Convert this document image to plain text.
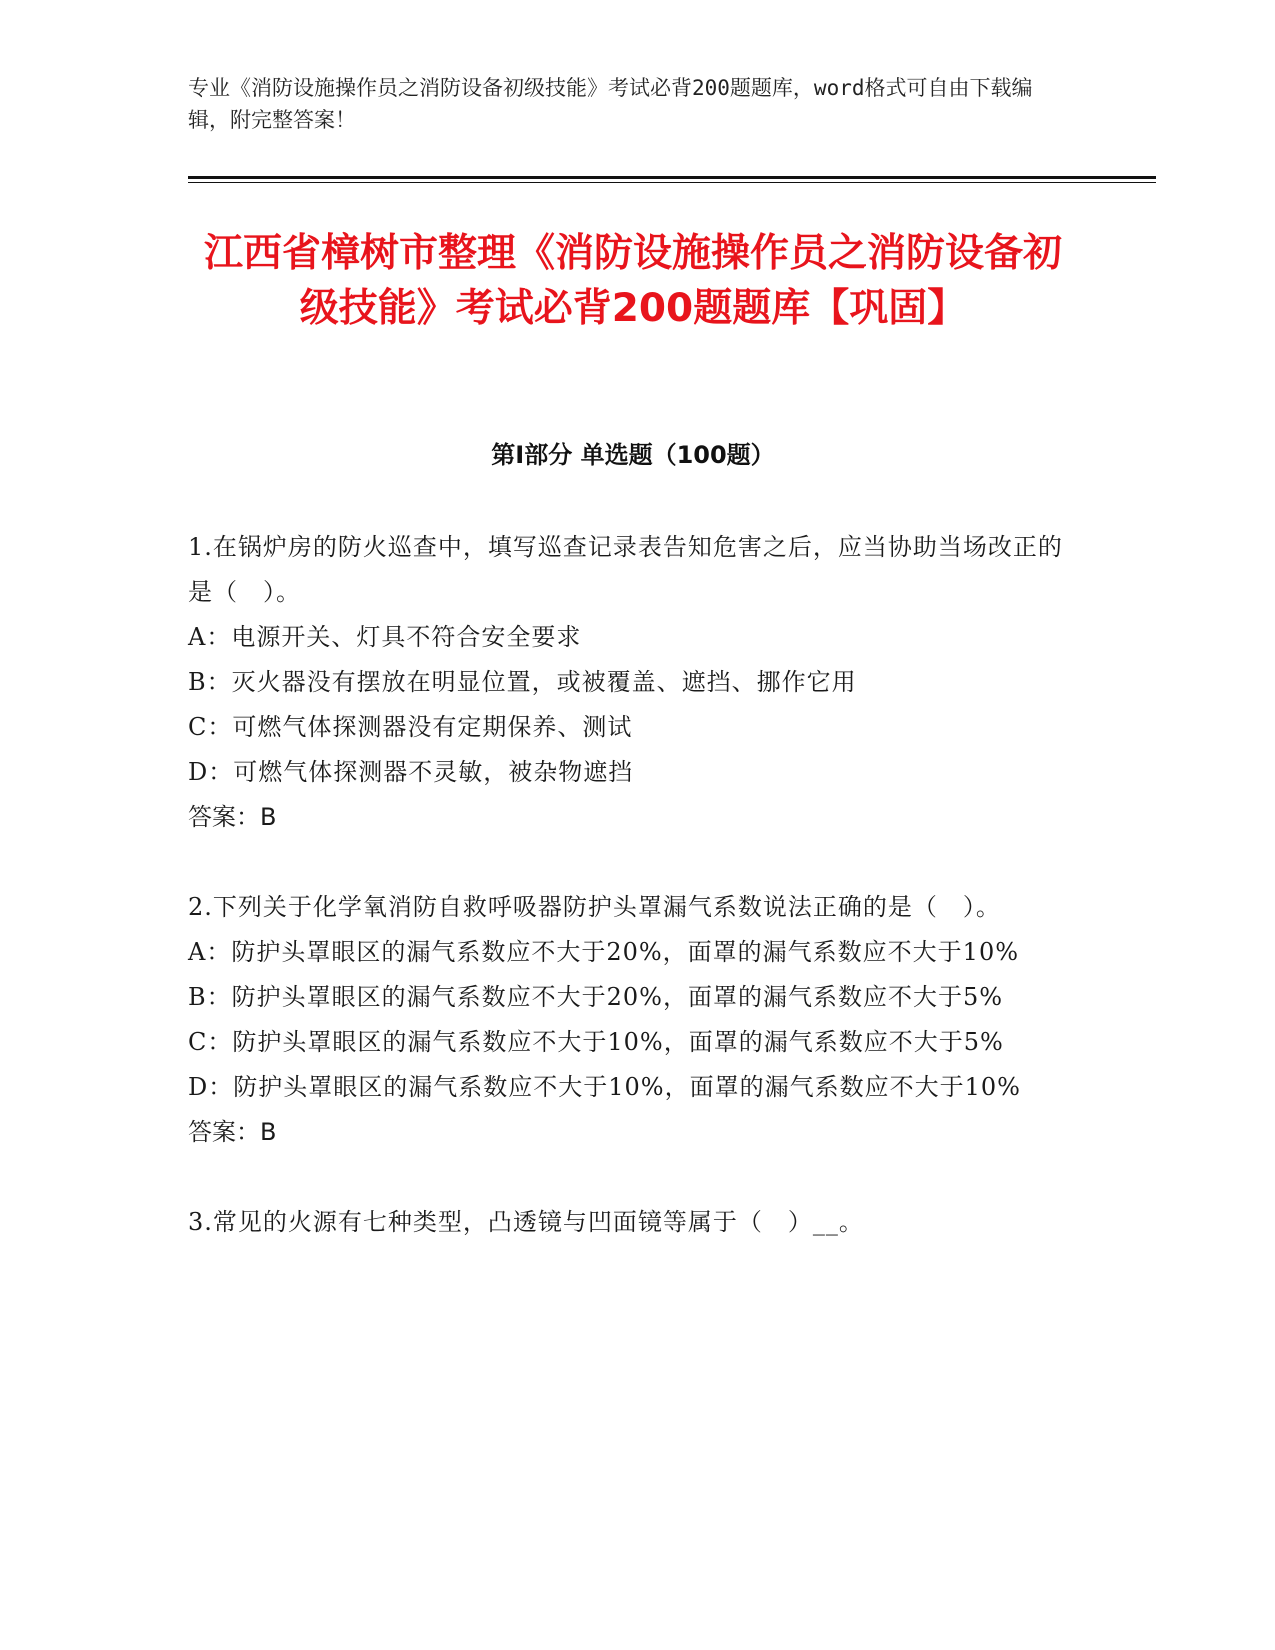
专业《消防设施操作员之消防设备初级技能》考试必背200题题库，word格式可自由下载编辑，附完整答案！
江西省樟树市整理《消防设施操作员之消防设备初级技能》考试必背200题题库【巩固】
第I部分 单选题（100题）

1.在锅炉房的防火巡查中，填写巡查记录表告知危害之后，应当协助当场改正的是（　）。

A：电源开关、灯具不符合安全要求

B：灭火器没有摆放在明显位置，或被覆盖、遮挡、挪作它用

C：可燃气体探测器没有定期保养、测试

D：可燃气体探测器不灵敏，被杂物遮挡

答案：B

2.下列关于化学氧消防自救呼吸器防护头罩漏气系数说法正确的是（　）。

A：防护头罩眼区的漏气系数应不大于20%，面罩的漏气系数应不大于10%

B：防护头罩眼区的漏气系数应不大于20%，面罩的漏气系数应不大于5%

C：防护头罩眼区的漏气系数应不大于10%，面罩的漏气系数应不大于5%

D：防护头罩眼区的漏气系数应不大于10%，面罩的漏气系数应不大于10%

答案：B

3.常见的火源有七种类型，凸透镜与凹面镜等属于（　）__。
